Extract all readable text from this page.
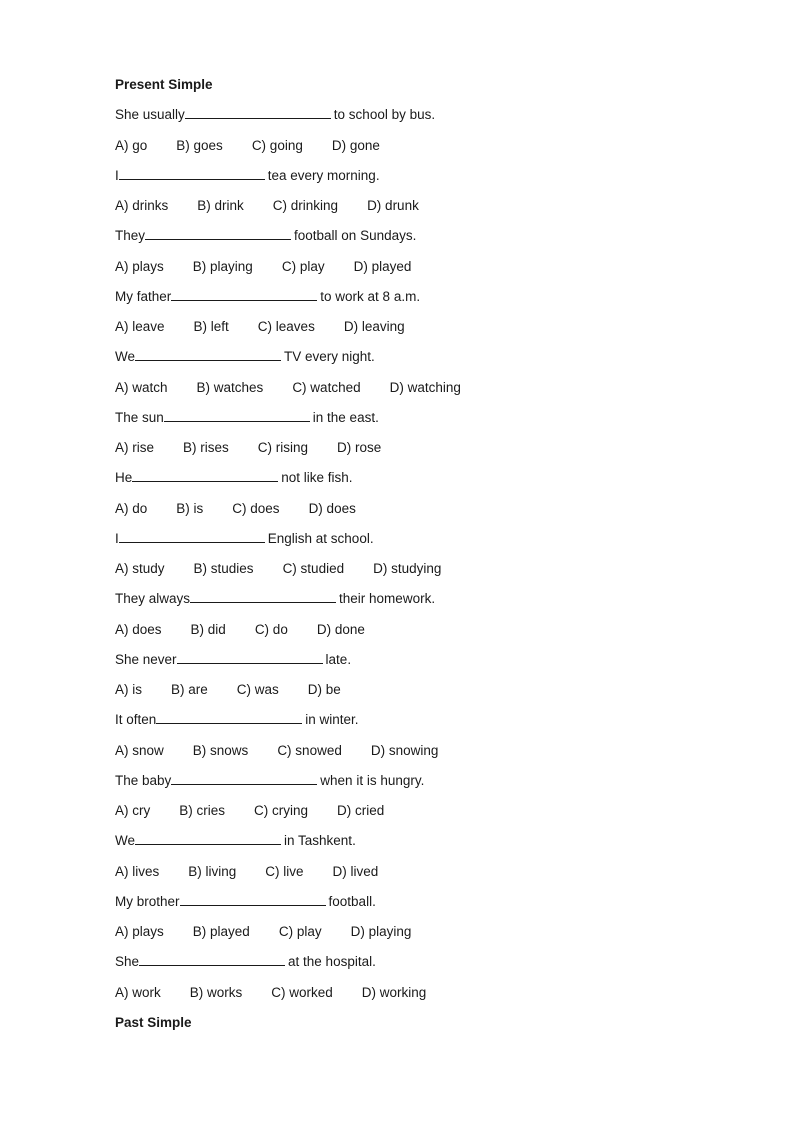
Present Simple
She usually	to school by bus.
A) go B) goes C) going D) gone
I	tea every morning.
A) drinks B) drink C) drinking D) drunk
They	football on Sundays.
A) plays B) playing C) play D) played
My father	to work at 8 a.m.
A) leave B) left C) leaves D) leaving
We	TV every night.
A) watch B) watches C) watched D) watching
The sun	in the east.
A) rise B) rises C) rising D) rose
He	not like fish.
A) do B) is C) does D) does
I	English at school.
A) study B) studies C) studied D) studying
They always	their homework.
A) does B) did C) do D) done
She never	late.
A) is B) are C) was D) be
It often	in winter.
A) snow B) snows C) snowed D) snowing
The baby	when it is hungry.
A) cry B) cries C) crying D) cried
We	in Tashkent.
A) lives B) living C) live D) lived
My brother	football.
A) plays B) played C) play D) playing
She	at the hospital.
A) work B) works C) worked D) working
Past Simple
